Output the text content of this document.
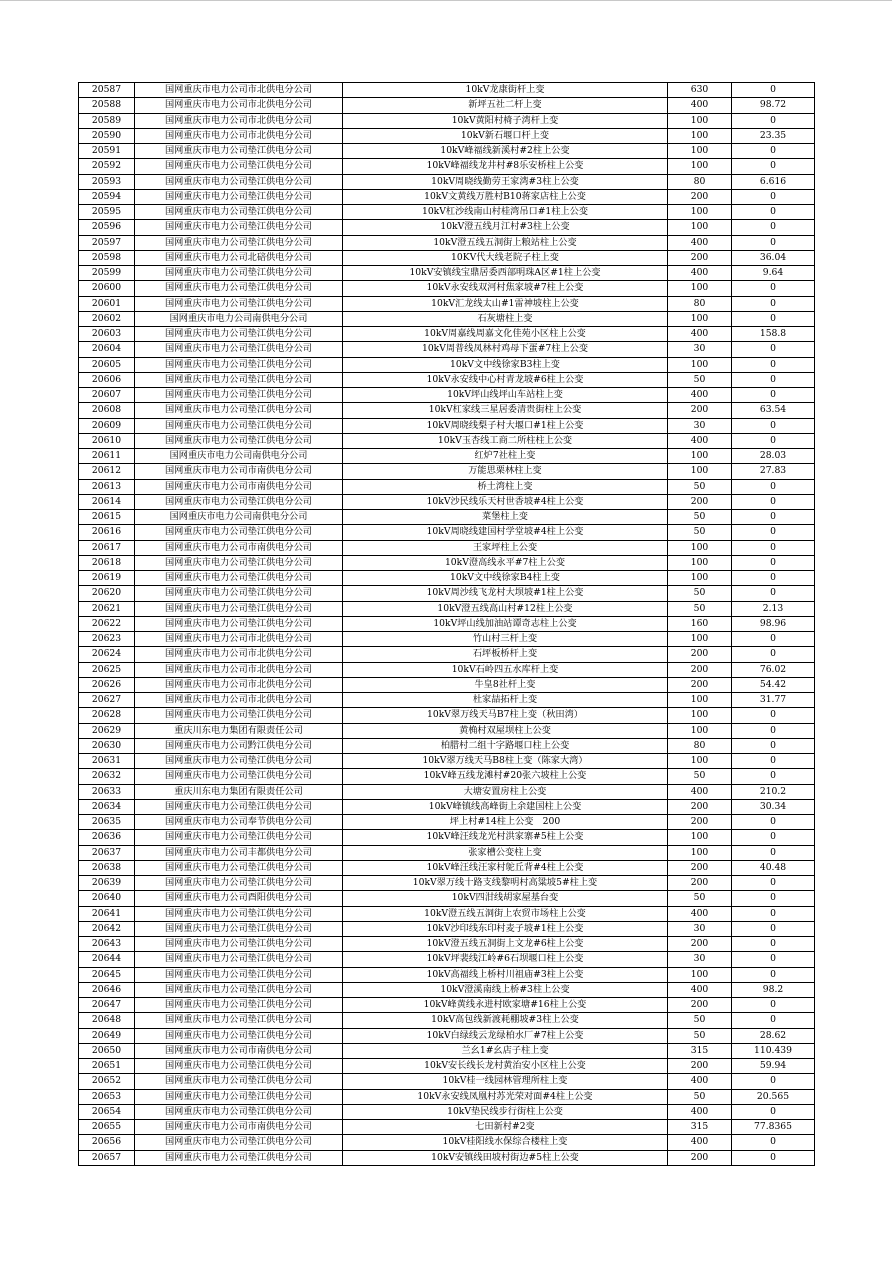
20587	国网重庆市电力公司市北供电分公司	10kV龙康街杆上变	630	0
20588	国网重庆市电力公司市北供电分公司	新坪五社二杆上变	400	98.72
20589	国网重庆市电力公司市北供电分公司	10kV黄阳村椅子湾杆上变	100	0
20590	国网重庆市电力公司市北供电分公司	10kV新石堰口杆上变	100	23.35
20591	国网重庆市电力公司垫江供电分公司	10kV峰福线新溪村#2柱上公变	100	0
20592	国网重庆市电力公司垫江供电分公司	10kV峰福线龙井村#8乐安桥柱上公变	100	0
20593	国网重庆市电力公司垫江供电分公司	10kV周晓线勤劳王家湾#3柱上公变	80	6.616
20594	国网重庆市电力公司垫江供电分公司	10kV文黄线万胜村B10蒋家店柱上公变	200	0
20595	国网重庆市电力公司垫江供电分公司	10kV杠沙线南山村桂湾吊口#1柱上公变	100	0
20596	国网重庆市电力公司垫江供电分公司	10kV澄五线月江村#3柱上公变	100	0
20597	国网重庆市电力公司垫江供电分公司	10kV澄五线五洞街上粮站柱上公变	400	0
20598	国网重庆市电力公司北碚供电分公司	10KV代大线老院子柱上变	200	36.04
20599	国网重庆市电力公司垫江供电分公司	10kV安镇线宝鼎居委西部明珠A区#1柱上公变	400	9.64
20600	国网重庆市电力公司垫江供电分公司	10kV永安线双河村焦家坡#7柱上公变	100	0
20601	国网重庆市电力公司垫江供电分公司	10kV汇龙线太山#1雷神坡柱上公变	80	0
20602	国网重庆市电力公司南供电分公司	石灰塘柱上变	100	0
20603	国网重庆市电力公司垫江供电分公司	10kV周嘉线周嘉文化佳苑小区柱上公变	400	158.8
20604	国网重庆市电力公司垫江供电分公司	10kV周普线凤林村鸡母下蛋#7柱上公变	30	0
20605	国网重庆市电力公司垫江供电分公司	10kV文中线徐家B3柱上变	100	0
20606	国网重庆市电力公司垫江供电分公司	10kV永安线中心村青龙坡#6柱上公变	50	0
20607	国网重庆市电力公司垫江供电分公司	10kV坪山线坪山车站柱上变	400	0
20608	国网重庆市电力公司垫江供电分公司	10kV杠家线三星居委清贵街柱上公变	200	63.54
20609	国网重庆市电力公司垫江供电分公司	10kV周晓线梨子村大堰口#1柱上公变	30	0
20610	国网重庆市电力公司垫江供电分公司	10kV玉杏线工商二所柱柱上公变	400	0
20611	国网重庆市电力公司南供电分公司	红炉7社柱上变	100	28.03
20612	国网重庆市电力公司市南供电分公司	万能思栗林柱上变	100	27.83
20613	国网重庆市电力公司市南供电分公司	桥土湾柱上变	50	0
20614	国网重庆市电力公司垫江供电分公司	10kV沙民线乐天村世香坡#4柱上公变	200	0
20615	国网重庆市电力公司南供电分公司	菜堡柱上变	50	0
20616	国网重庆市电力公司垫江供电分公司	10kV周晓线建国村学堂坡#4柱上公变	50	0
20617	国网重庆市电力公司市南供电分公司	王家坪柱上公变	100	0
20618	国网重庆市电力公司垫江供电分公司	10kV澄高线永平#7柱上公变	100	0
20619	国网重庆市电力公司垫江供电分公司	10kV文中线徐家B4柱上变	100	0
20620	国网重庆市电力公司垫江供电分公司	10kV周沙线飞龙村大坝坡#1柱上公变	50	0
20621	国网重庆市电力公司垫江供电分公司	10kV澄五线高山村#12柱上公变	50	2.13
20622	国网重庆市电力公司垫江供电分公司	10kV坪山线加油站谭奇志柱上公变	160	98.96
20623	国网重庆市电力公司市北供电分公司	竹山村三杆上变	100	0
20624	国网重庆市电力公司市北供电分公司	石坪板桥杆上变	200	0
20625	国网重庆市电力公司市北供电分公司	10kV石岭四五水库杆上变	200	76.02
20626	国网重庆市电力公司市北供电分公司	牛皇8社杆上变	200	54.42
20627	国网重庆市电力公司市北供电分公司	杜家喆拓杆上变	100	31.77
20628	国网重庆市电力公司垫江供电分公司	10kV翠万线天马B7柱上变（秋田湾）	100	0
20629	重庆川东电力集团有限责任公司	黄桷村双屋坝柱上公变	100	0
20630	国网重庆市电力公司黔江供电分公司	柏腊村二组十字路堰口柱上公变	80	0
20631	国网重庆市电力公司垫江供电分公司	10kV翠万线天马B8柱上变（陈家大湾）	100	0
20632	国网重庆市电力公司垫江供电分公司	10kV峰五线龙滩村#20张六坡柱上公变	50	0
20633	重庆川东电力集团有限责任公司	大塘安置房柱上公变	400	210.2
20634	国网重庆市电力公司垫江供电分公司	10kV峰镇线高峰街上余建国柱上公变	200	30.34
20635	国网重庆市电力公司奉节供电分公司	坪上村#14柱上公变　200	200	0
20636	国网重庆市电力公司垫江供电分公司	10kV峰汪线龙光村洪家寨#5柱上公变	100	0
20637	国网重庆市电力公司丰都供电分公司	张家槽公变柱上变	100	0
20638	国网重庆市电力公司垫江供电分公司	10kV峰汪线汪家村鸵丘背#4柱上公变	200	40.48
20639	国网重庆市电力公司垫江供电分公司	10kV翠万线十路支线黎明村高粱坡5#柱上变	200	0
20640	国网重庆市电力公司酉阳供电分公司	10kV四泔线胡家屋基台变	50	0
20641	国网重庆市电力公司垫江供电分公司	10kV澄五线五洞街上农贸市场柱上公变	400	0
20642	国网重庆市电力公司垫江供电分公司	10kV沙印线东印村麦子坡#1柱上公变	30	0
20643	国网重庆市电力公司垫江供电分公司	10kV澄五线五洞街上文龙#6柱上公变	200	0
20644	国网重庆市电力公司垫江供电分公司	10kV坪裴线江岭#6石坝堰口柱上公变	30	0
20645	国网重庆市电力公司垫江供电分公司	10kV高福线上桥村川祖庙#3柱上公变	100	0
20646	国网重庆市电力公司垫江供电分公司	10kV澄溪南线上桥#3柱上公变	400	98.2
20647	国网重庆市电力公司垫江供电分公司	10kV峰黄线永进村欧家塘#16柱上公变	200	0
20648	国网重庆市电力公司垫江供电分公司	10kV高包线新渡耗棚坡#3柱上公变	50	0
20649	国网重庆市电力公司垫江供电分公司	10kV白绿线云龙绿柏水厂#7柱上公变	50	28.62
20650	国网重庆市电力公司市南供电分公司	兰幺1#幺店子柱上变	315	110.439
20651	国网重庆市电力公司垫江供电分公司	10kV安长线长龙村黄治安小区柱上公变	200	59.94
20652	国网重庆市电力公司垫江供电分公司	10kV桂一线园林管理所柱上变	400	0
20653	国网重庆市电力公司垫江供电分公司	10kV永安线凤凰村苏光荣对面#4柱上公变	50	20.565
20654	国网重庆市电力公司垫江供电分公司	10kV垫民线步行街柱上公变	400	0
20655	国网重庆市电力公司市南供电分公司	七田新村#2变	315	77.8365
20656	国网重庆市电力公司垫江供电分公司	10kV桂阳线水保综合楼柱上变	400	0
20657	国网重庆市电力公司垫江供电分公司	10kV安镇线田坡村街边#5柱上公变	200	0
